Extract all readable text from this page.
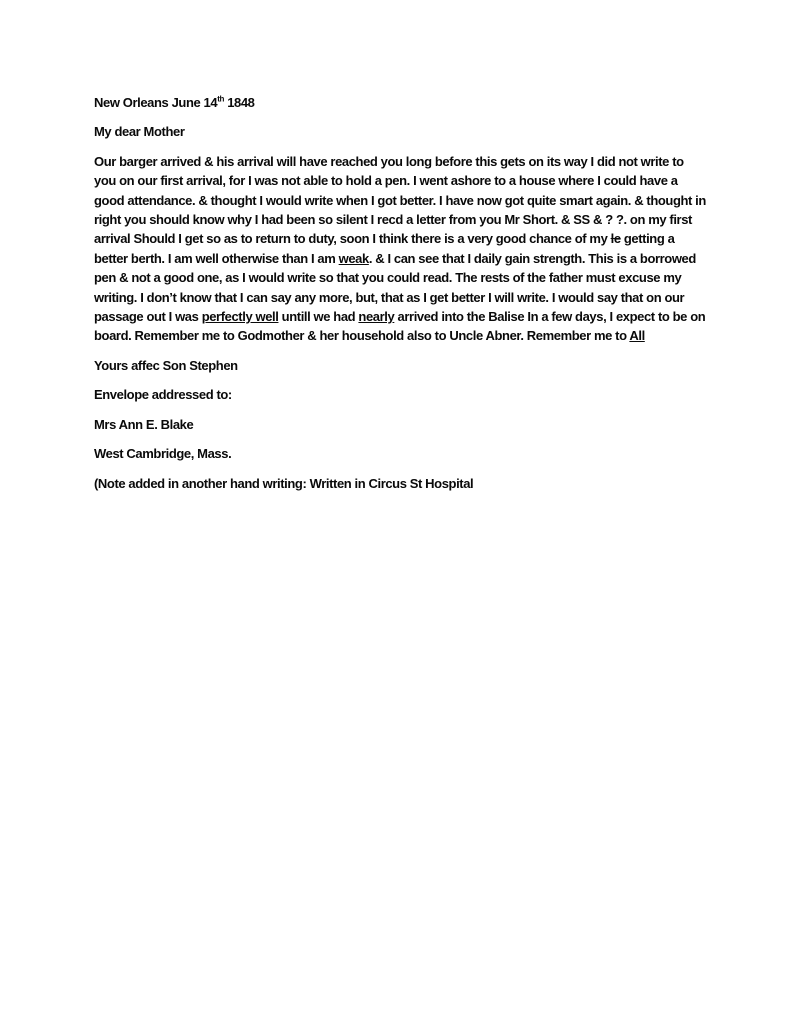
New Orleans June 14th 1848

My dear Mother

Our barger arrived & his arrival will have reached you long before this gets on its way I did not write to you on our first arrival, for I was not able to hold a pen. I went ashore to a house where I could have a good attendance. & thought I would write when I got better. I have now got quite smart again. & thought in right you should know why I had been so silent I recd a letter from you Mr Short. & SS & ? ?. on my first arrival Should I get so as to return to duty, soon I think there is a very good chance of my le getting a better berth. I am well otherwise than I am weak. & I can see that I daily gain strength. This is a borrowed pen & not a good one, as I would write so that you could read. The rests of the father must excuse my writing. I don’t know that I can say any more, but, that as I get better I will write. I would say that on our passage out I was perfectly well untill we had nearly arrived into the Balise In a few days, I expect to be on board. Remember me to Godmother & her household also to Uncle Abner. Remember me to All

Yours affec Son Stephen

Envelope addressed to:

Mrs Ann E. Blake

West Cambridge, Mass.

(Note added in another hand writing: Written in Circus St Hospital
